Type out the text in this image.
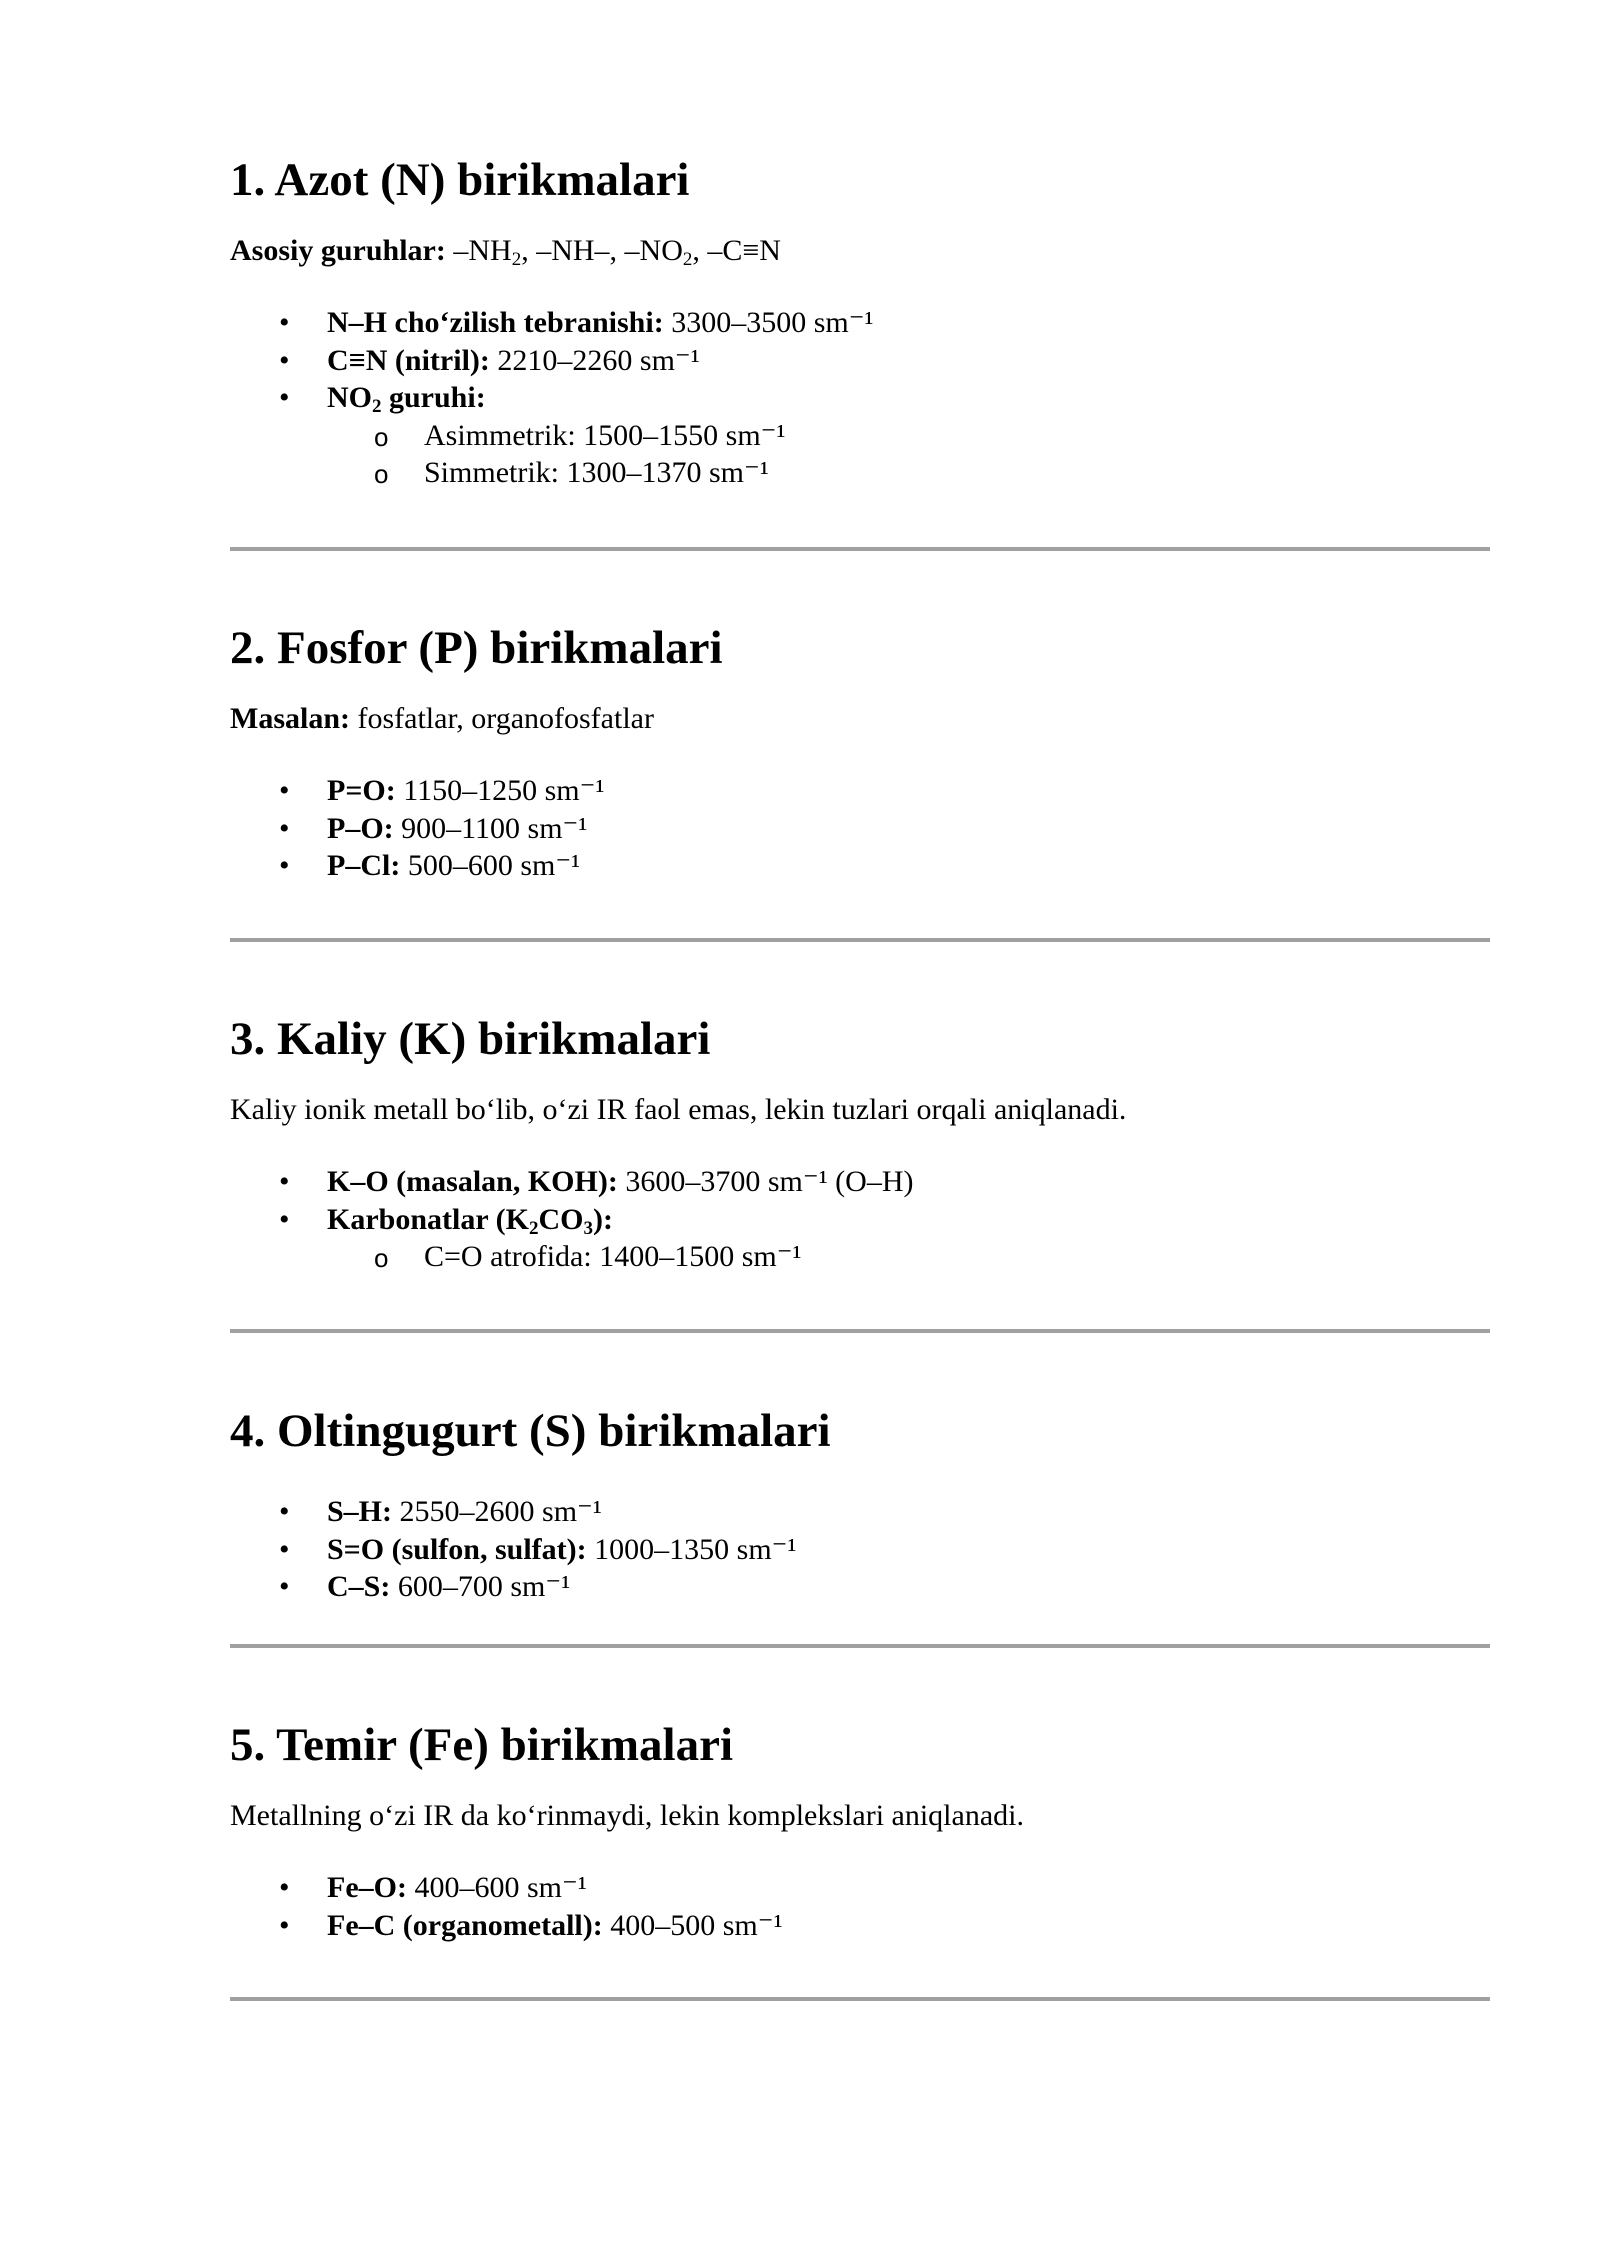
1. Azot (N) birikmalari

Asosiy guruhlar: $-NH_2$, –NH–, $-NO_2$, –C≡N

• N–H cho‘zilish tebranishi: 3300–3500 sm⁻¹
• C≡N (nitril): 2210–2260 sm⁻¹
• $NO_2$ guruhi:
o Asimmetrik: 1500–1550 sm⁻¹
o Simmetrik: 1300–1370 sm⁻¹
2. Fosfor (P) birikmalari

Masalan: fosfatlar, organofosfatlar

• P=O: 1150–1250 sm⁻¹
• P–O: 900–1100 sm⁻¹
• P–Cl: 500–600 sm⁻¹
3. Kaliy (K) birikmalari

Kaliy ionik metall bo‘lib, o‘zi IR faol emas, lekin tuzlari orqali aniqlanadi.

• K–O (masalan, KOH): 3600–3700 sm⁻¹ (O–H)
• Karbonatlar $(K_2CO_3)$:
o C=O atrofida: 1400–1500 sm⁻¹
4. Oltingugurt (S) birikmalari
• S–H: 2550–2600 sm⁻¹
• S=O (sulfon, sulfat): 1000–1350 sm⁻¹
• C–S: 600–700 sm⁻¹
5. Temir (Fe) birikmalari

Metallning o‘zi IR da ko‘rinmaydi, lekin komplekslari aniqlanadi.

• Fe–O: 400–600 sm⁻¹
• Fe–C (organometall): 400–500 sm⁻¹
